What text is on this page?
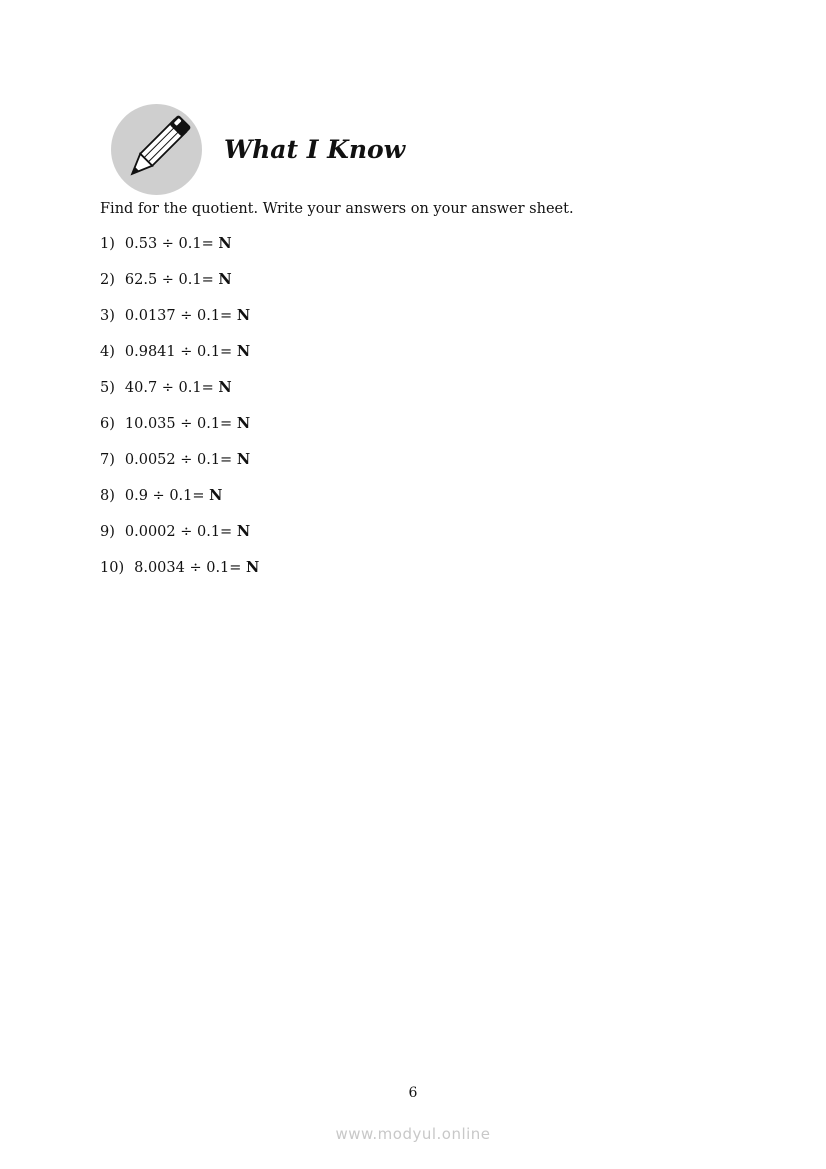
What I Know
Find for the quotient. Write your answers on your answer sheet.
1) 0.53 ÷ 0.1= N
2) 62.5 ÷ 0.1= N
3) 0.0137 ÷ 0.1= N
4) 0.9841 ÷ 0.1= N
5) 40.7 ÷ 0.1= N
6) 10.035 ÷ 0.1= N
7) 0.0052 ÷ 0.1= N
8) 0.9 ÷ 0.1= N
9) 0.0002 ÷ 0.1= N
10) 8.0034 ÷ 0.1= N
6
www.modyul.online
